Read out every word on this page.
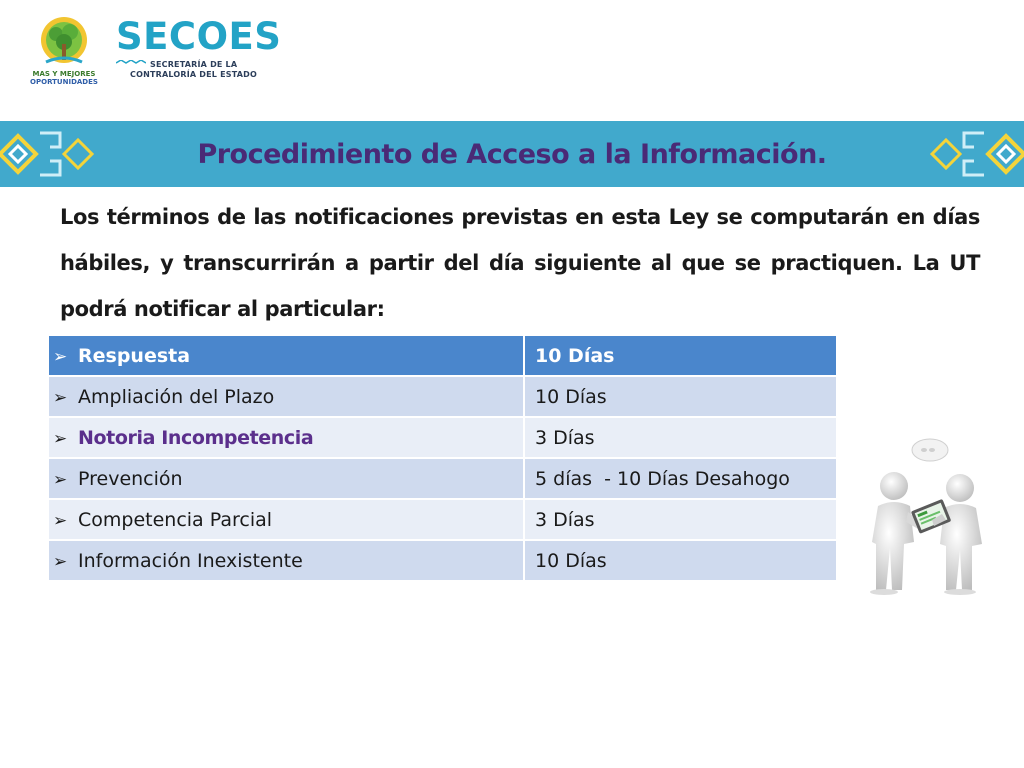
MAS Y MEJORES
OPORTUNIDADES
SECOES
SECRETARÍA DE LA
CONTRALORÍA DEL ESTADO
Procedimiento de Acceso a la Información.
Los términos de las notificaciones previstas en esta Ley se computarán en días hábiles, y transcurrirán a partir del día siguiente al que se practiquen. La UT podrá notificar al particular:
➢ Respuesta	10 Días
➢ Ampliación del Plazo	10 Días
➢ Notoria Incompetencia	3 Días
➢ Prevención	5 días  - 10 Días Desahogo
➢ Competencia Parcial	3 Días
➢ Información Inexistente	10 Días
